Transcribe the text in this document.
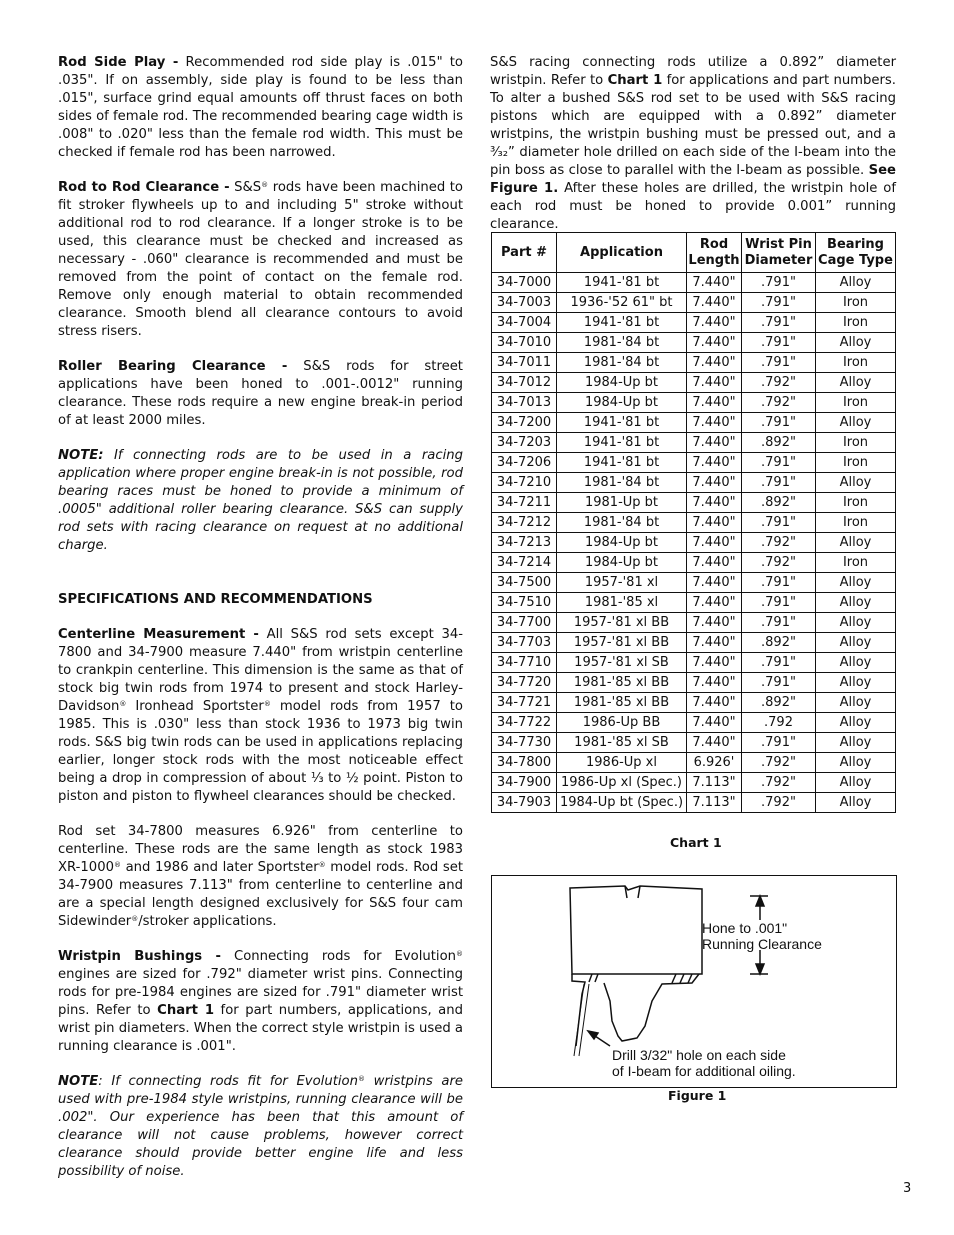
Rod Side Play - Recommended rod side play is .015" to .035". If on assembly, side play is found to be less than .015", surface grind equal amounts off thrust faces on both sides of female rod. The recommended bearing cage width is .008" to .020" less than the female rod width. This must be checked if female rod has been narrowed.

Rod to Rod Clearance - S&S® rods have been machined to fit stroker flywheels up to and including 5" stroke without additional rod to rod clearance. If a longer stroke is to be used, this clearance must be checked and increased as necessary - .060" clearance is recommended and must be removed from the point of contact on the female rod. Remove only enough material to obtain recommended clearance. Smooth blend all clearance contours to avoid stress risers.

Roller Bearing Clearance - S&S rods for street applications have been honed to .001-.0012" running clearance. These rods require a new engine break-in period of at least 2000 miles.

NOTE: If connecting rods are to be used in a racing application where proper engine break-in is not possible, rod bearing races must be honed to provide a minimum of .0005" additional roller bearing clearance. S&S can supply rod sets with racing clearance on request at no additional charge.

SPECIFICATIONS AND RECOMMENDATIONS

Centerline Measurement - All S&S rod sets except 34-7800 and 34-7900 measure 7.440" from wristpin centerline to crankpin centerline. This dimension is the same as that of stock big twin rods from 1974 to present and stock Harley-Davidson® Ironhead Sportster® model rods from 1957 to 1985. This is .030" less than stock 1936 to 1973 big twin rods. S&S big twin rods can be used in applications replacing earlier, longer stock rods with the most noticeable effect being a drop in compression of about ⅓ to ½ point. Piston to piston and piston to flywheel clearances should be checked.

Rod set 34-7800 measures 6.926" from centerline to centerline. These rods are the same length as stock 1983 XR-1000® and 1986 and later Sportster® model rods. Rod set 34-7900 measures 7.113" from centerline to centerline and are a special length designed exclusively for S&S four cam Sidewinder®/stroker applications.

Wristpin Bushings - Connecting rods for Evolution® engines are sized for .792" diameter wrist pins. Connecting rods for pre-1984 engines are sized for .791" diameter wrist pins. Refer to Chart 1 for part numbers, applications, and wrist pin diameters. When the correct style wristpin is used a running clearance is .001".

NOTE: If connecting rods fit for Evolution® wristpins are used with pre-1984 style wristpins, running clearance will be .002". Our experience has been that this amount of clearance will not cause problems, however correct clearance should provide better engine life and less possibility of noise.

S&S racing connecting rods utilize a 0.892” diameter wristpin. Refer to Chart 1 for applications and part numbers. To alter a bushed S&S rod set to be used with S&S racing pistons which are equipped with a 0.892” diameter wristpins, the wristpin bushing must be pressed out, and a ³⁄₃₂” diameter hole drilled on each side of the I-beam into the pin boss as close to parallel with the I-beam as possible. See Figure 1. After these holes are drilled, the wristpin hole of each rod must be honed to provide 0.001” running clearance.

Part #	Application	Rod Length	Wrist Pin Diameter	Bearing Cage Type
34-7000	1941-'81 bt	7.440"	.791"	Alloy
34-7003	1936-'52 61" bt	7.440"	.791"	Iron
34-7004	1941-'81 bt	7.440"	.791"	Iron
34-7010	1981-'84 bt	7.440"	.791"	Alloy
34-7011	1981-'84 bt	7.440"	.791"	Iron
34-7012	1984-Up bt	7.440"	.792"	Alloy
34-7013	1984-Up bt	7.440"	.792"	Iron
34-7200	1941-'81 bt	7.440"	.791"	Alloy
34-7203	1941-'81 bt	7.440"	.892"	Iron
34-7206	1941-'81 bt	7.440"	.791"	Iron
34-7210	1981-'84 bt	7.440"	.791"	Alloy
34-7211	1981-Up bt	7.440"	.892"	Iron
34-7212	1981-'84 bt	7.440"	.791"	Iron
34-7213	1984-Up bt	7.440"	.792"	Alloy
34-7214	1984-Up bt	7.440"	.792"	Iron
34-7500	1957-'81 xl	7.440"	.791"	Alloy
34-7510	1981-'85 xl	7.440"	.791"	Alloy
34-7700	1957-'81 xl BB	7.440"	.791"	Alloy
34-7703	1957-'81 xl BB	7.440"	.892"	Alloy
34-7710	1957-'81 xl SB	7.440"	.791"	Alloy
34-7720	1981-'85 xl BB	7.440"	.791"	Alloy
34-7721	1981-'85 xl BB	7.440"	.892"	Alloy
34-7722	1986-Up BB	7.440"	.792	Alloy
34-7730	1981-'85 xl SB	7.440"	.791"	Alloy
34-7800	1986-Up xl	6.926'	.792"	Alloy
34-7900	1986-Up xl (Spec.)	7.113"	.792"	Alloy
34-7903	1984-Up bt (Spec.)	7.113"	.792"	Alloy
Chart 1
Hone to .001"
Running Clearance
Drill 3/32" hole on each side
of I-beam for additional oiling.
Figure 1
3
